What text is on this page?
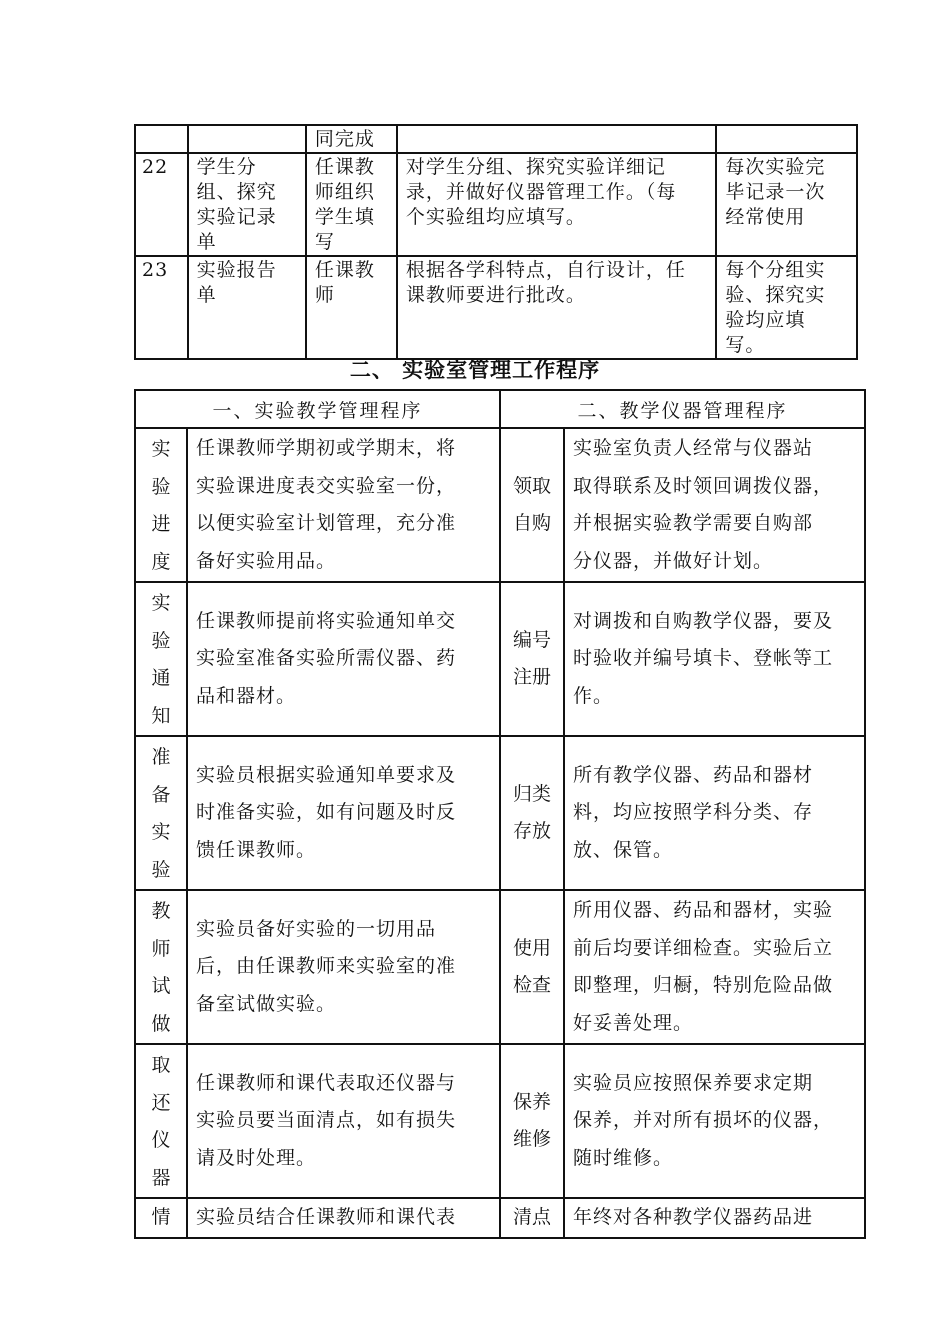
		同完成		

22	学生分
组、探究
实验记录
单	任课教
师组织
学生填
写	对学生分组、探究实验详细记
录，并做好仪器管理工作。（每
个实验组均应填写。	每次实验完
毕记录一次
经常使用

23	实验报告
单	任课教
师	根据各学科特点，自行设计，任
课教师要进行批改。	每个分组实
验、探究实
验均应填
写。
二、 实验室管理工作程序
一、实验教学管理程序		二、教学仪器管理程序	

实
验
进
度	任课教师学期初或学期末，将
实验课进度表交实验室一份，
以便实验室计划管理，充分准
备好实验用品。	领取
自购	实验室负责人经常与仪器站
取得联系及时领回调拨仪器，
并根据实验教学需要自购部
分仪器，并做好计划。

实
验
通
知	任课教师提前将实验通知单交
实验室准备实验所需仪器、药
品和器材。	编号
注册	对调拨和自购教学仪器，要及
时验收并编号填卡、登帐等工
作。

准
备
实
验	实验员根据实验通知单要求及
时准备实验，如有问题及时反
馈任课教师。	归类
存放	所有教学仪器、药品和器材
料，均应按照学科分类、存
放、保管。

教
师
试
做	实验员备好实验的一切用品
后，由任课教师来实验室的准
备室试做实验。	使用
检查	所用仪器、药品和器材，实验
前后均要详细检查。实验后立
即整理，归橱，特别危险品做
好妥善处理。

取
还
仪
器	任课教师和课代表取还仪器与
实验员要当面清点，如有损失
请及时处理。	保养
维修	实验员应按照保养要求定期
保养，并对所有损坏的仪器，
随时维修。

情	实验员结合任课教师和课代表	清点	年终对各种教学仪器药品进
